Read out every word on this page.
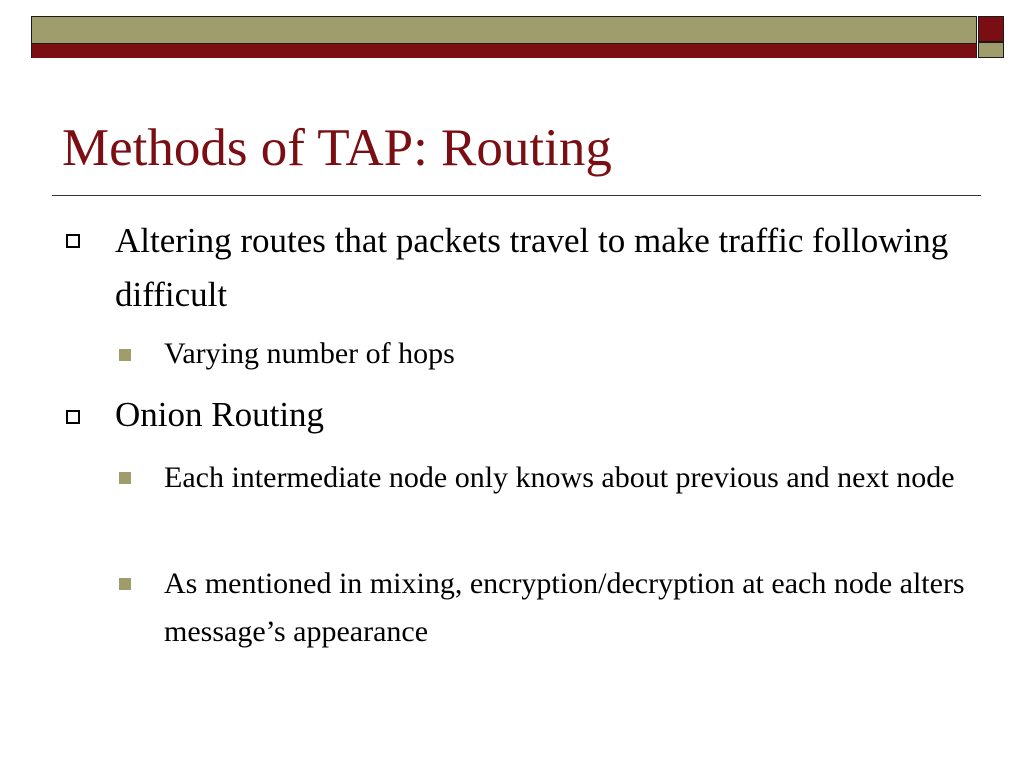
Methods of TAP: Routing
Altering routes that packets travel to make traffic following difficult
Varying number of hops
Onion Routing
Each intermediate node only knows about previous and next node
As mentioned in mixing, encryption/decryption at each node alters message’s appearance
